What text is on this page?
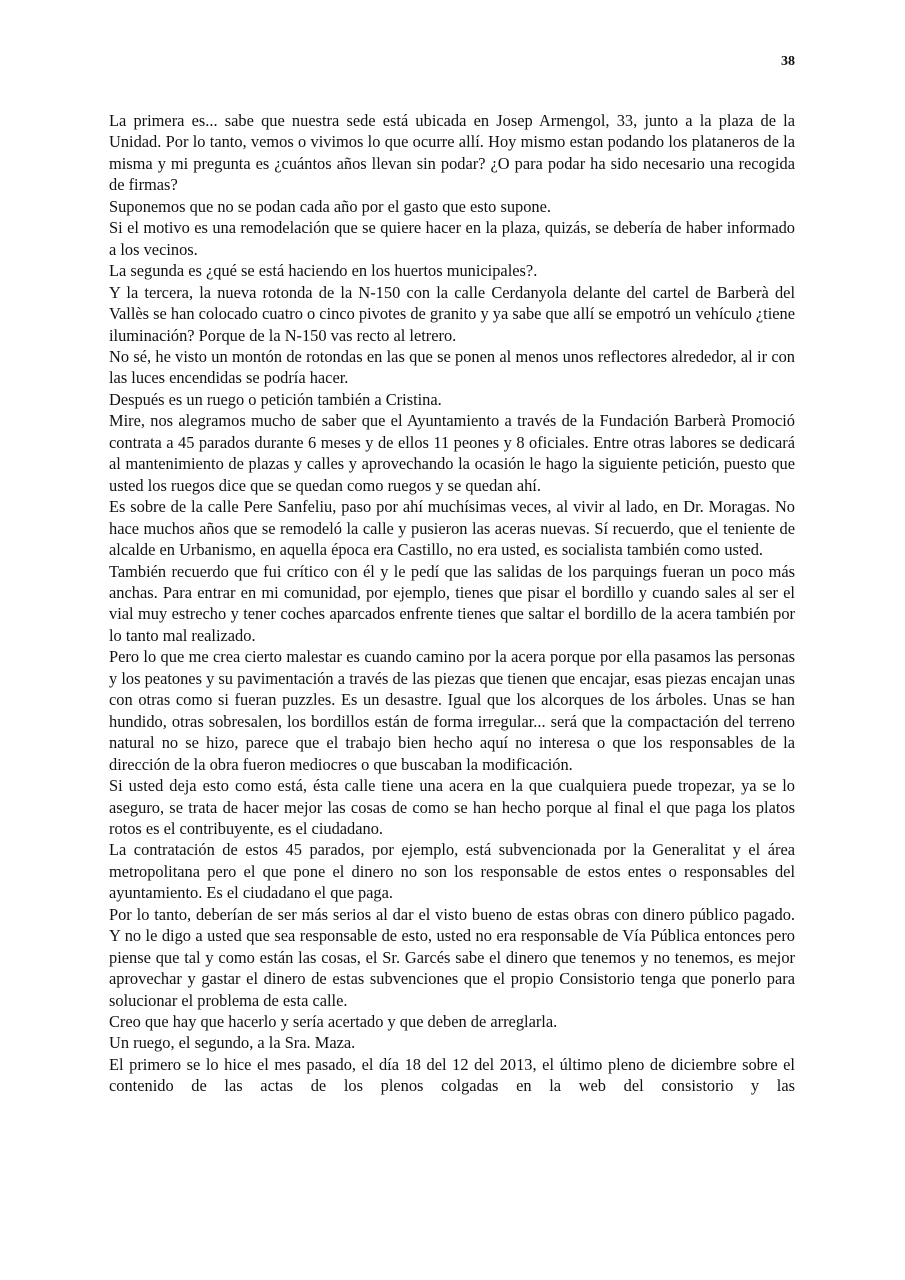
38

La primera es... sabe que nuestra sede está ubicada en Josep Armengol, 33, junto a la plaza de la Unidad. Por lo tanto, vemos o vivimos lo que ocurre allí. Hoy mismo estan podando los plataneros de la misma y mi pregunta es ¿cuántos años llevan sin podar? ¿O para podar ha sido necesario una recogida de firmas?

Suponemos que no se podan cada año por el gasto que esto supone.

Si el motivo es una remodelación que se quiere hacer en la plaza, quizás, se debería de haber informado a los vecinos.

La segunda es ¿qué se está haciendo en los huertos municipales?.

Y la tercera, la nueva rotonda de la N-150 con la calle Cerdanyola delante del cartel de Barberà del Vallès se han colocado cuatro o cinco pivotes de granito y ya sabe que allí se empotró un vehículo ¿tiene iluminación? Porque de la N-150 vas recto al letrero.

No sé, he visto un montón de rotondas en las que se ponen al menos unos reflectores alrededor, al ir con las luces encendidas se podría hacer.

Después es un ruego o petición también a Cristina.

Mire, nos alegramos mucho de saber que el Ayuntamiento a través de la Fundación Barberà Promoció contrata a 45 parados durante 6 meses y de ellos 11 peones y 8 oficiales. Entre otras labores se dedicará al mantenimiento de plazas y calles y aprovechando la ocasión le hago la siguiente petición, puesto que usted los ruegos dice que se quedan como ruegos y se quedan ahí.

Es sobre de la calle Pere Sanfeliu, paso por ahí muchísimas veces, al vivir al lado, en Dr. Moragas. No hace muchos años que se remodeló la calle y pusieron las aceras nuevas. Sí recuerdo, que el teniente de alcalde en Urbanismo, en aquella época era Castillo, no era usted, es socialista también como usted.

También recuerdo que fui crítico con él y le pedí que las salidas de los parquings fueran un poco más anchas. Para entrar en mi comunidad, por ejemplo, tienes que pisar el bordillo y cuando sales al ser el vial muy estrecho y tener coches aparcados enfrente tienes que saltar el bordillo de la acera también por lo tanto mal realizado.

Pero lo que me crea cierto malestar es cuando camino por la acera porque por ella pasamos las personas y los peatones y su pavimentación a través de las piezas que tienen que encajar, esas piezas encajan unas con otras como si fueran puzzles. Es un desastre. Igual que los alcorques de los árboles. Unas se han hundido, otras sobresalen, los bordillos están de forma irregular... será que la compactación del terreno natural no se hizo, parece que el trabajo bien hecho aquí no interesa o que los responsables de la dirección de la obra fueron mediocres o que buscaban la modificación.

Si usted deja esto como está, ésta calle tiene una acera en la que cualquiera puede tropezar, ya se lo aseguro, se trata de hacer mejor las cosas de como se han hecho porque al final el que paga los platos rotos es el contribuyente, es el ciudadano.

La contratación de estos 45 parados, por ejemplo, está subvencionada por la Generalitat y el área metropolitana pero el que pone el dinero no son los responsable de estos entes o responsables del ayuntamiento. Es el ciudadano el que paga.

Por lo tanto, deberían de ser más serios al dar el visto bueno de estas obras con dinero público pagado. Y no le digo a usted que sea responsable de esto, usted no era responsable de Vía Pública entonces pero piense que tal y como están las cosas, el Sr. Garcés sabe el dinero que tenemos y no tenemos, es mejor aprovechar y gastar el dinero de estas subvenciones que el propio Consistorio tenga que ponerlo para solucionar el problema de esta calle.

Creo que hay que hacerlo y sería acertado y que deben de arreglarla.

Un ruego, el segundo, a la Sra. Maza.

El primero se lo hice el mes pasado, el día 18 del 12 del 2013, el último pleno de diciembre sobre el contenido de las actas de los plenos colgadas en la web del consistorio y las
